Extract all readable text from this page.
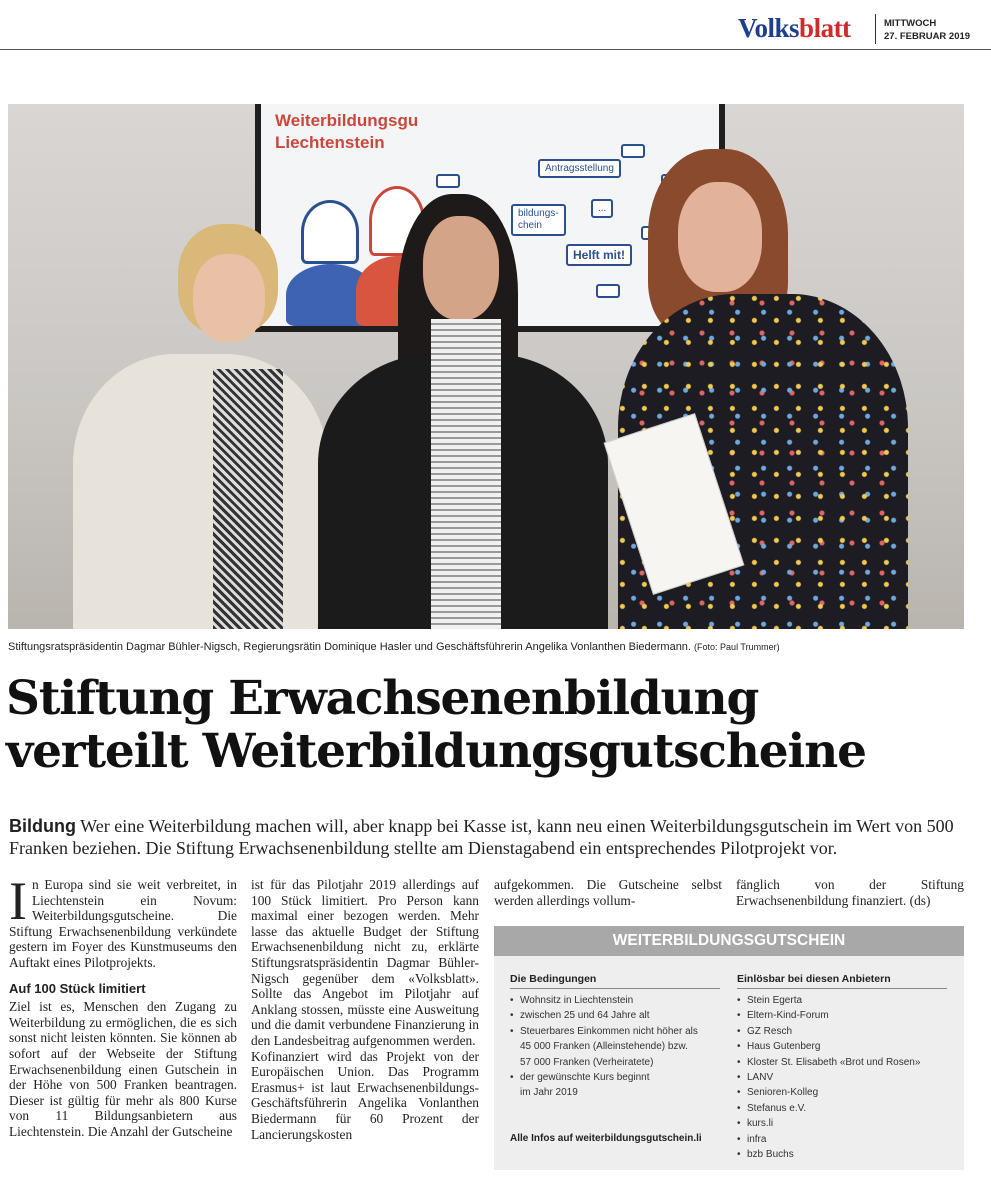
Volksblatt	MITTWOCH
27. FEBRUAR 2019
Weiterbildungsgu
Liechtenstein
Antragsstellung
Helft mit!
bildungs-
chein
...
Stiftungsratspräsidentin Dagmar Bühler-Nigsch, Regierungsrätin Dominique Hasler und Geschäftsführerin Angelika Vonlanthen Biedermann. (Foto: Paul Trummer)
Stiftung Erwachsenenbildung
verteilt Weiterbildungsgutscheine

Bildung Wer eine Weiterbildung machen will, aber knapp bei Kasse ist, kann neu einen Weiterbildungsgutschein im Wert von 500 Franken beziehen. Die Stiftung Erwachsenenbildung stellte am Dienstagabend ein entsprechendes Pilotprojekt vor.

In Europa sind sie weit verbreitet, in Liechtenstein ein Novum: Weiterbildungsgutscheine. Die Stiftung Erwachsenenbildung verkündete gestern im Foyer des Kunstmuseums den Auftakt eines Pilotprojekts.

Auf 100 Stück limitiert

Ziel ist es, Menschen den Zugang zu Weiterbildung zu ermöglichen, die es sich sonst nicht leisten könnten. Sie können ab sofort auf der Webseite der Stiftung Erwachsenenbildung einen Gutschein in der Höhe von 500 Franken beantragen. Dieser ist gültig für mehr als 800 Kurse von 11 Bildungsanbietern aus Liechtenstein. Die Anzahl der Gutscheine

ist für das Pilotjahr 2019 allerdings auf 100 Stück limitiert. Pro Person kann maximal einer bezogen werden. Mehr lasse das aktuelle Budget der Stiftung Erwachsenenbildung nicht zu, erklärte Stiftungsratspräsidentin Dagmar Bühler-Nigsch gegenüber dem «Volksblatt». Sollte das Angebot im Pilotjahr auf Anklang stossen, müsste eine Ausweitung und die damit verbundene Finanzierung in den Landesbeitrag aufgenommen werden.

Kofinanziert wird das Projekt von der Europäischen Union. Das Programm Erasmus+ ist laut Erwachsenenbildungs-Geschäftsführerin Angelika Vonlanthen Biedermann für 60 Prozent der Lancierungskosten

aufgekommen. Die Gutscheine selbst werden allerdings vollum-

fänglich von der Stiftung Erwachsenenbildung finanziert. (ds)

WEITERBILDUNGSGUTSCHEIN
Die Bedingungen
• Wohnsitz in Liechtenstein
• zwischen 25 und 64 Jahre alt
• Steuerbares Einkommen nicht höher als
45 000 Franken (Alleinstehende) bzw.
57 000 Franken (Verheiratete)
• der gewünschte Kurs beginnt
im Jahr 2019
Einlösbar bei diesen Anbietern
• Stein Egerta
• Eltern-Kind-Forum
• GZ Resch
• Haus Gutenberg
• Kloster St. Elisabeth «Brot und Rosen»
• LANV
• Senioren-Kolleg
• Stefanus e.V.
• kurs.li
• infra
• bzb Buchs
Alle Infos auf weiterbildungsgutschein.li
